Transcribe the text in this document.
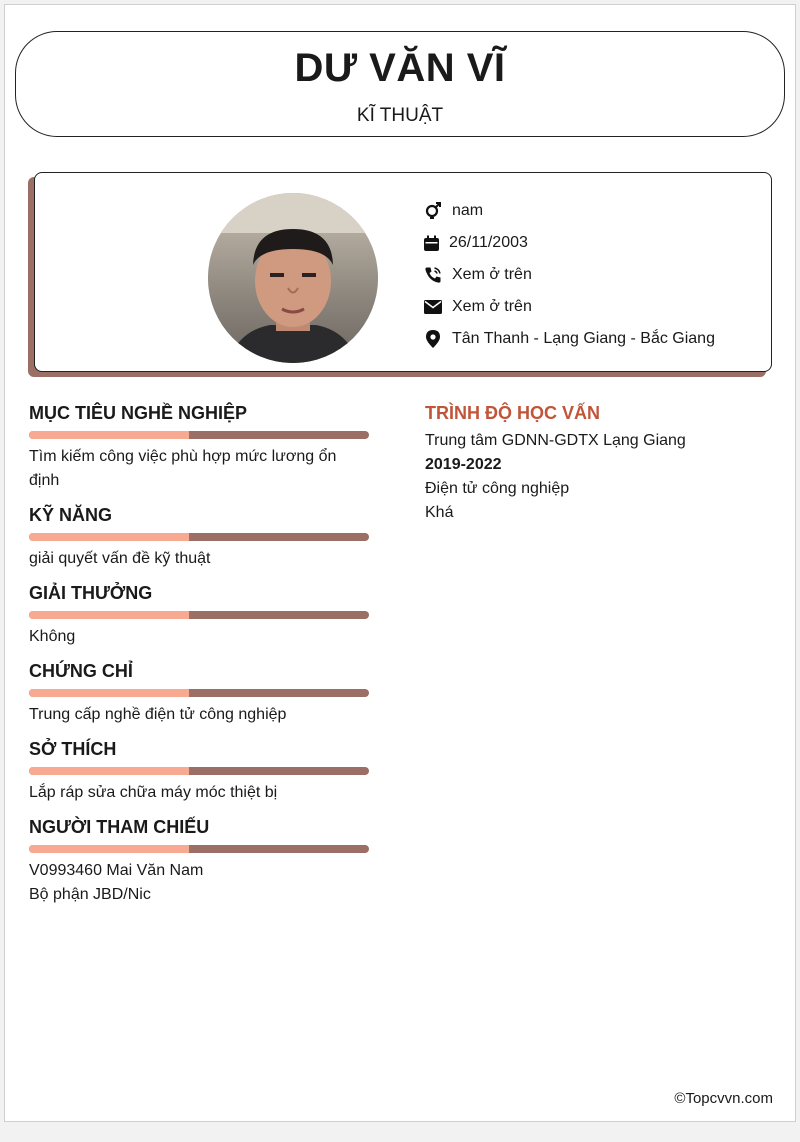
DƯ VĂN VĨ
KĨ THUẬT
nam
26/11/2003
Xem ở trên
Xem ở trên
Tân Thanh - Lạng Giang - Bắc Giang
MỤC TIÊU NGHỀ NGHIỆP
Tìm kiếm công việc phù hợp mức lương ổn định
KỸ NĂNG
giải quyết vấn đề kỹ thuật
GIẢI THƯỞNG
Không
CHỨNG CHỈ
Trung cấp nghề điện tử công nghiệp
SỞ THÍCH
Lắp ráp sửa chữa máy móc thiệt bị
NGƯỜI THAM CHIẾU
V0993460 Mai Văn Nam
Bộ phận JBD/Nic
TRÌNH ĐỘ HỌC VẤN
Trung tâm GDNN-GDTX Lạng Giang
2019-2022
Điện tử công nghiệp
Khá
©Topcvvn.com
